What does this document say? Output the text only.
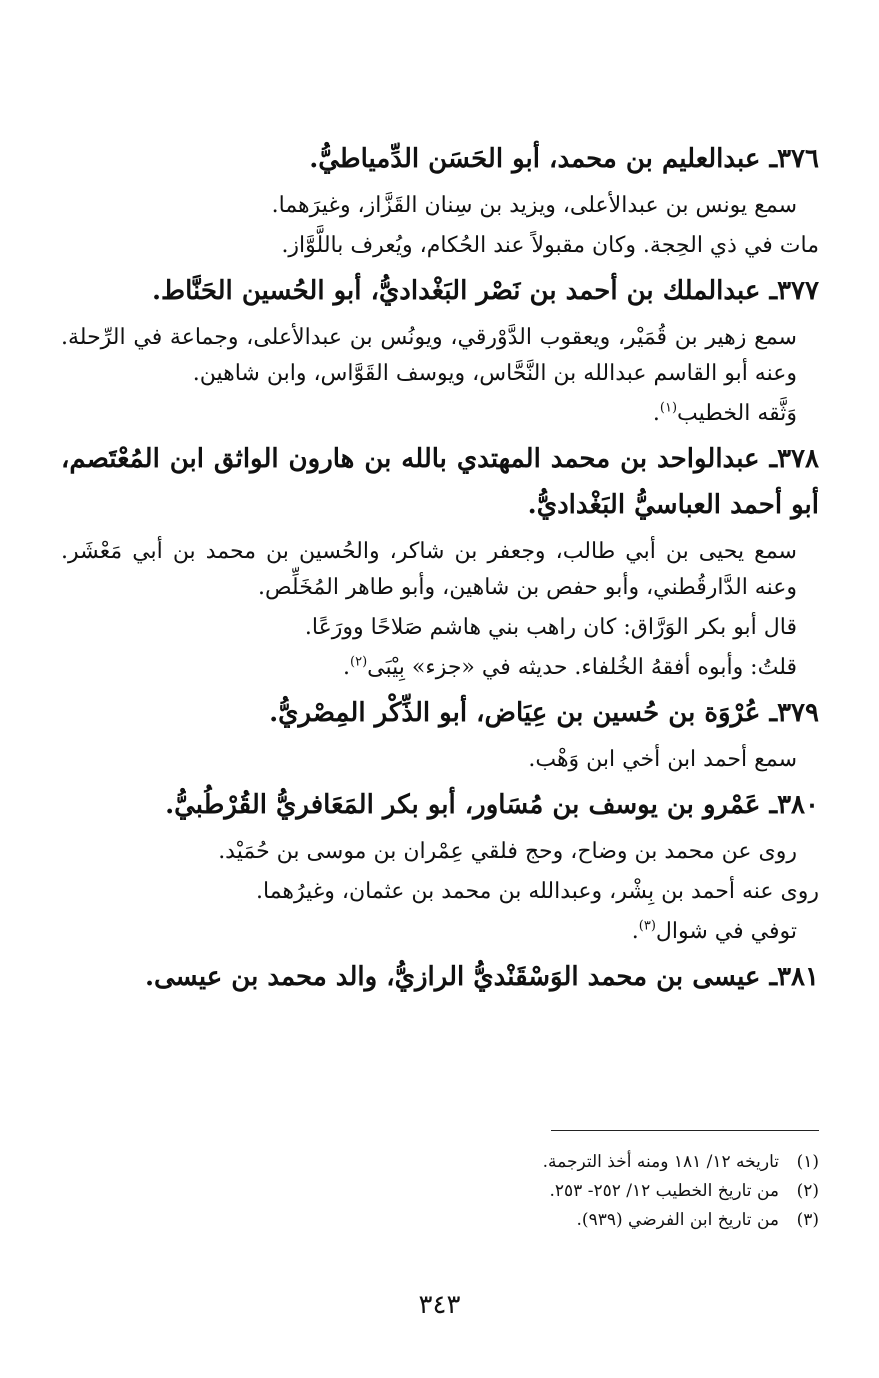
٣٧٦ـ عبدالعليم بن محمد، أبو الحَسَن الدِّمياطيُّ.
سمع يونس بن عبدالأعلى، ويزيد بن سِنان القَزَّاز، وغيرَهما.
مات في ذي الحِجة. وكان مقبولاً عند الحُكام، ويُعرف باللَّوَّاز.
٣٧٧ـ عبدالملك بن أحمد بن نَصْر البَغْداديُّ، أبو الحُسين الحَنَّاط.
سمع زهير بن قُمَيْر، ويعقوب الدَّوْرقي، ويونُس بن عبدالأعلى، وجماعة في الرِّحلة. وعنه أبو القاسم عبدالله بن النَّحَّاس، ويوسف القَوَّاس، وابن شاهين.
وَثَّقه الخطيب$^{(١)}$.
٣٧٨ـ عبدالواحد بن محمد المهتدي بالله بن هارون الواثق ابن المُعْتَصم، أبو أحمد العباسيُّ البَغْداديُّ.
سمع يحيى بن أبي طالب، وجعفر بن شاكر، والحُسين بن محمد بن أبي مَعْشَر. وعنه الدَّارقُطني، وأبو حفص بن شاهين، وأبو طاهر المُخَلِّص.
قال أبو بكر الوَرَّاق: كان راهب بني هاشم صَلاحًا وورَعًا.
قلتُ: وأبوه أفقهُ الخُلفاء. حديثه في «جزء» بِيْبَى$^{(٢)}$.
٣٧٩ـ عُرْوَة بن حُسين بن عِيَاض، أبو الذِّكْر المِصْريُّ.
سمع أحمد ابن أخي ابن وَهْب.
٣٨٠ـ عَمْرو بن يوسف بن مُسَاور، أبو بكر المَعَافريُّ القُرْطُبيُّ.
روى عن محمد بن وضاح، وحج فلقي عِمْران بن موسى بن حُمَيْد.
روى عنه أحمد بن بِشْر، وعبدالله بن محمد بن عثمان، وغيرُهما.
توفي في شوال$^{(٣)}$.
٣٨١ـ عيسى بن محمد الوَسْقَنْديُّ الرازيُّ، والد محمد بن عيسى.

(١)تاريخه ١٢/ ١٨١ ومنه أخذ الترجمة.

(٢)من تاريخ الخطيب ١٢/ ٢٥٢- ٢٥٣.

(٣)من تاريخ ابن الفرضي (٩٣٩).

٣٤٣
